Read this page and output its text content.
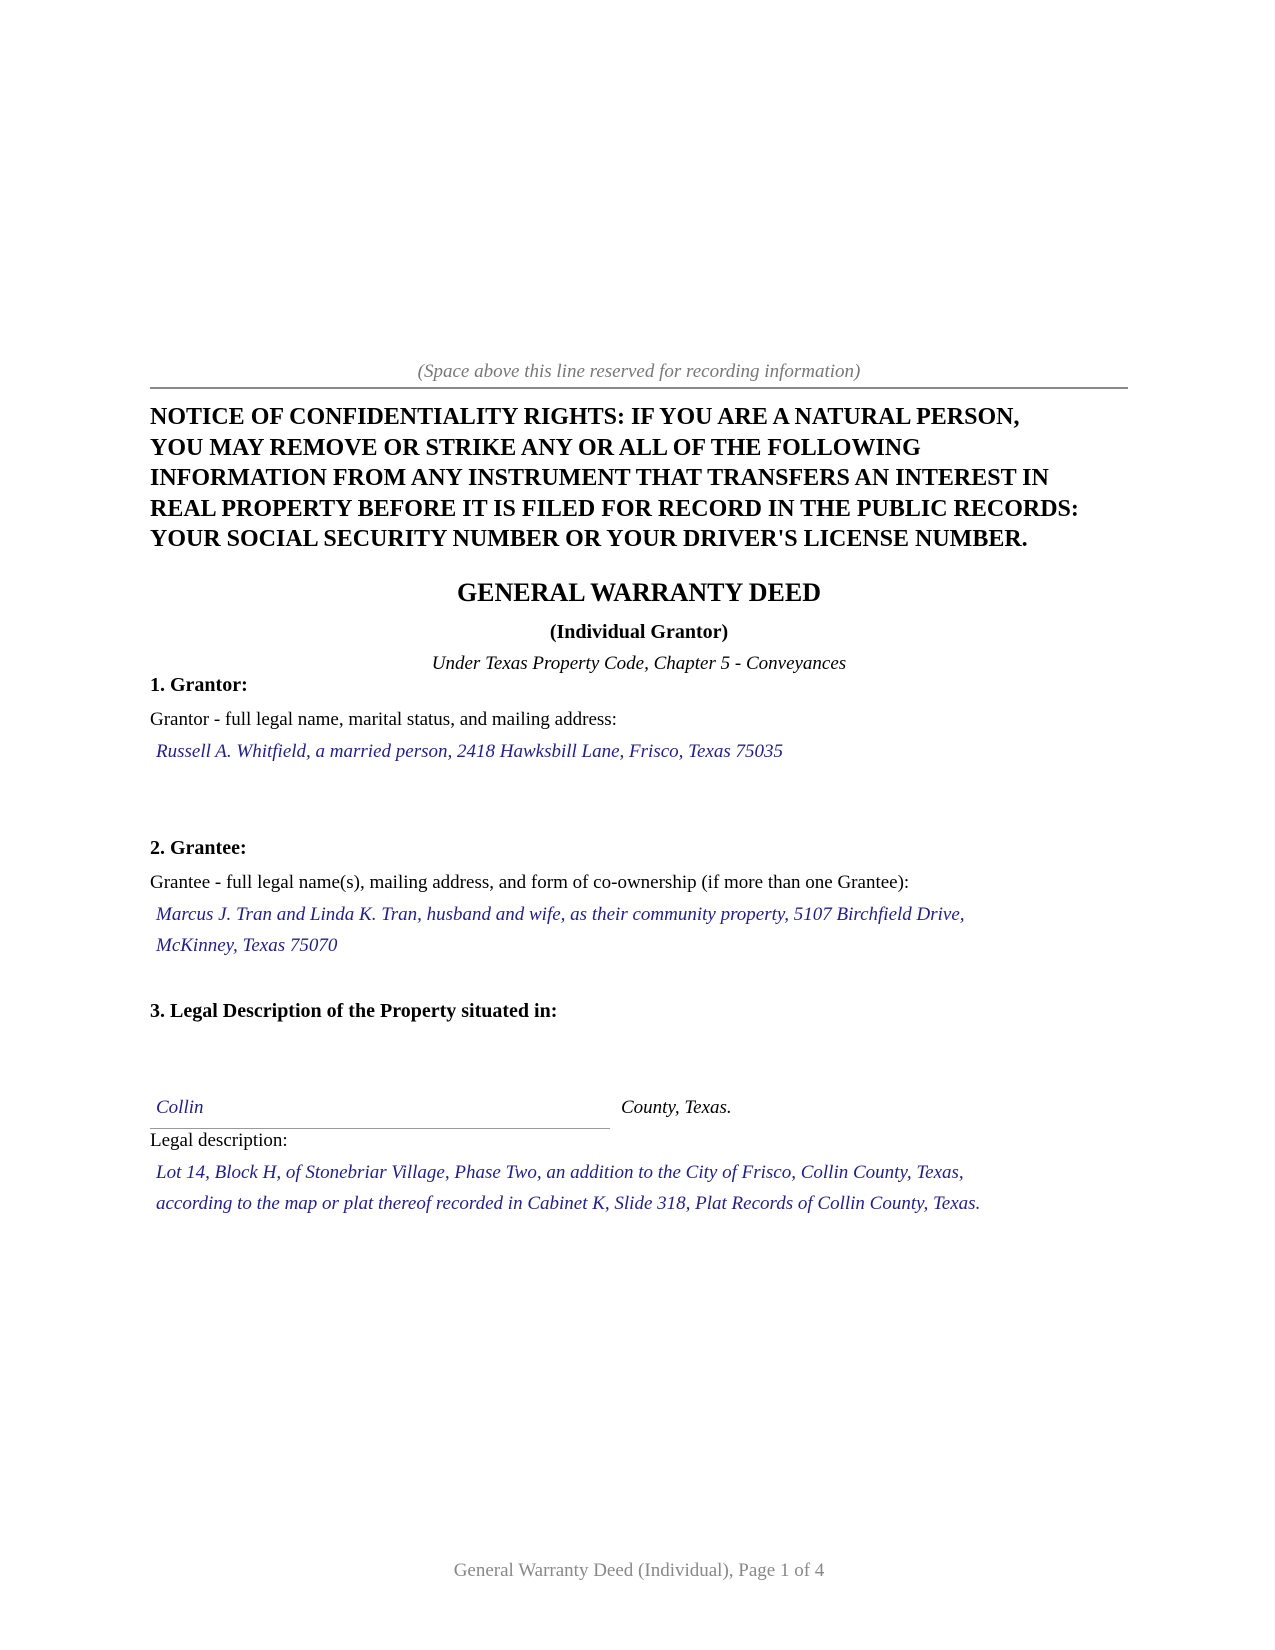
(Space above this line reserved for recording information)
NOTICE OF CONFIDENTIALITY RIGHTS: IF YOU ARE A NATURAL PERSON,
YOU MAY REMOVE OR STRIKE ANY OR ALL OF THE FOLLOWING
INFORMATION FROM ANY INSTRUMENT THAT TRANSFERS AN INTEREST IN
REAL PROPERTY BEFORE IT IS FILED FOR RECORD IN THE PUBLIC RECORDS:
YOUR SOCIAL SECURITY NUMBER OR YOUR DRIVER'S LICENSE NUMBER.
GENERAL WARRANTY DEED
(Individual Grantor)
Under Texas Property Code, Chapter 5 - Conveyances
1. Grantor:
Grantor - full legal name, marital status, and mailing address:
Russell A. Whitfield, a married person, 2418 Hawksbill Lane, Frisco, Texas 75035
2. Grantee:
Grantee - full legal name(s), mailing address, and form of co-ownership (if more than one Grantee):
Marcus J. Tran and Linda K. Tran, husband and wife, as their community property, 5107 Birchfield Drive,
McKinney, Texas 75070
3. Legal Description of the Property situated in:
Collin	County, Texas.
Legal description:
Lot 14, Block H, of Stonebriar Village, Phase Two, an addition to the City of Frisco, Collin County, Texas,
according to the map or plat thereof recorded in Cabinet K, Slide 318, Plat Records of Collin County, Texas.
General Warranty Deed (Individual), Page 1 of 4
